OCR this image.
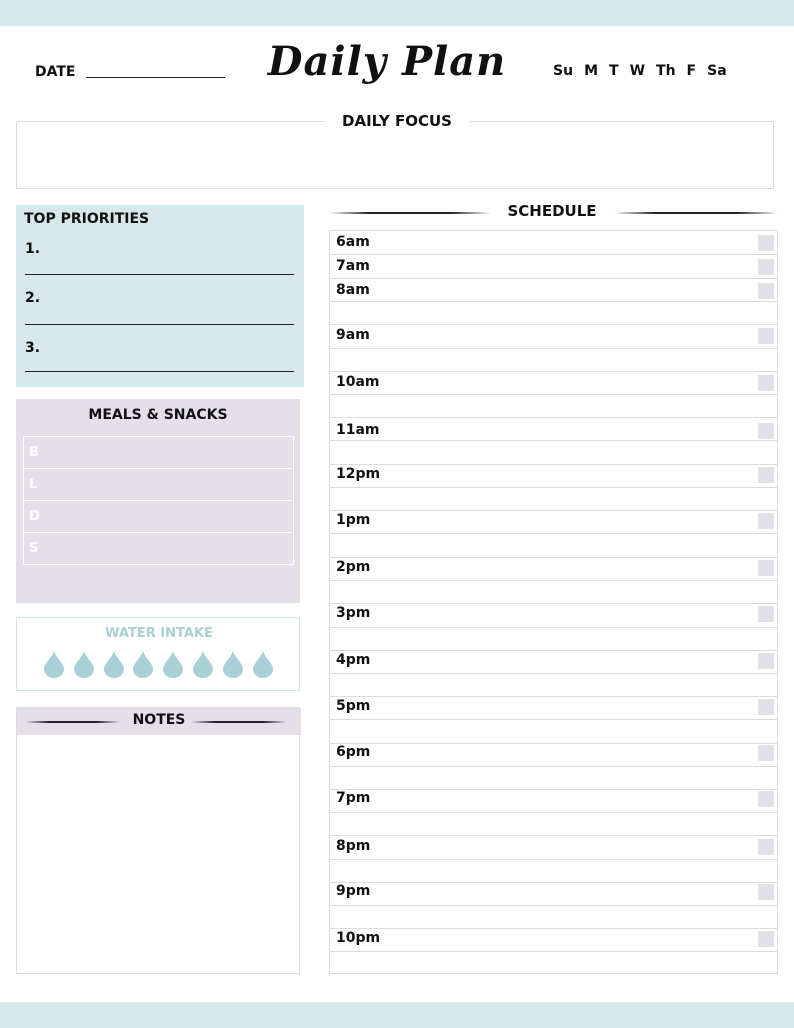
DATE	Daily Plan	Su M T W Th F Sa
DAILY FOCUS
TOP PRIORITIES
1.
2.
3.
MEALS & SNACKS
B
L
D
S
WATER INTAKE
NOTES
SCHEDULE
6am
7am
8am
9am
10am
11am
12pm
1pm
2pm
3pm
4pm
5pm
6pm
7pm
8pm
9pm
10pm
